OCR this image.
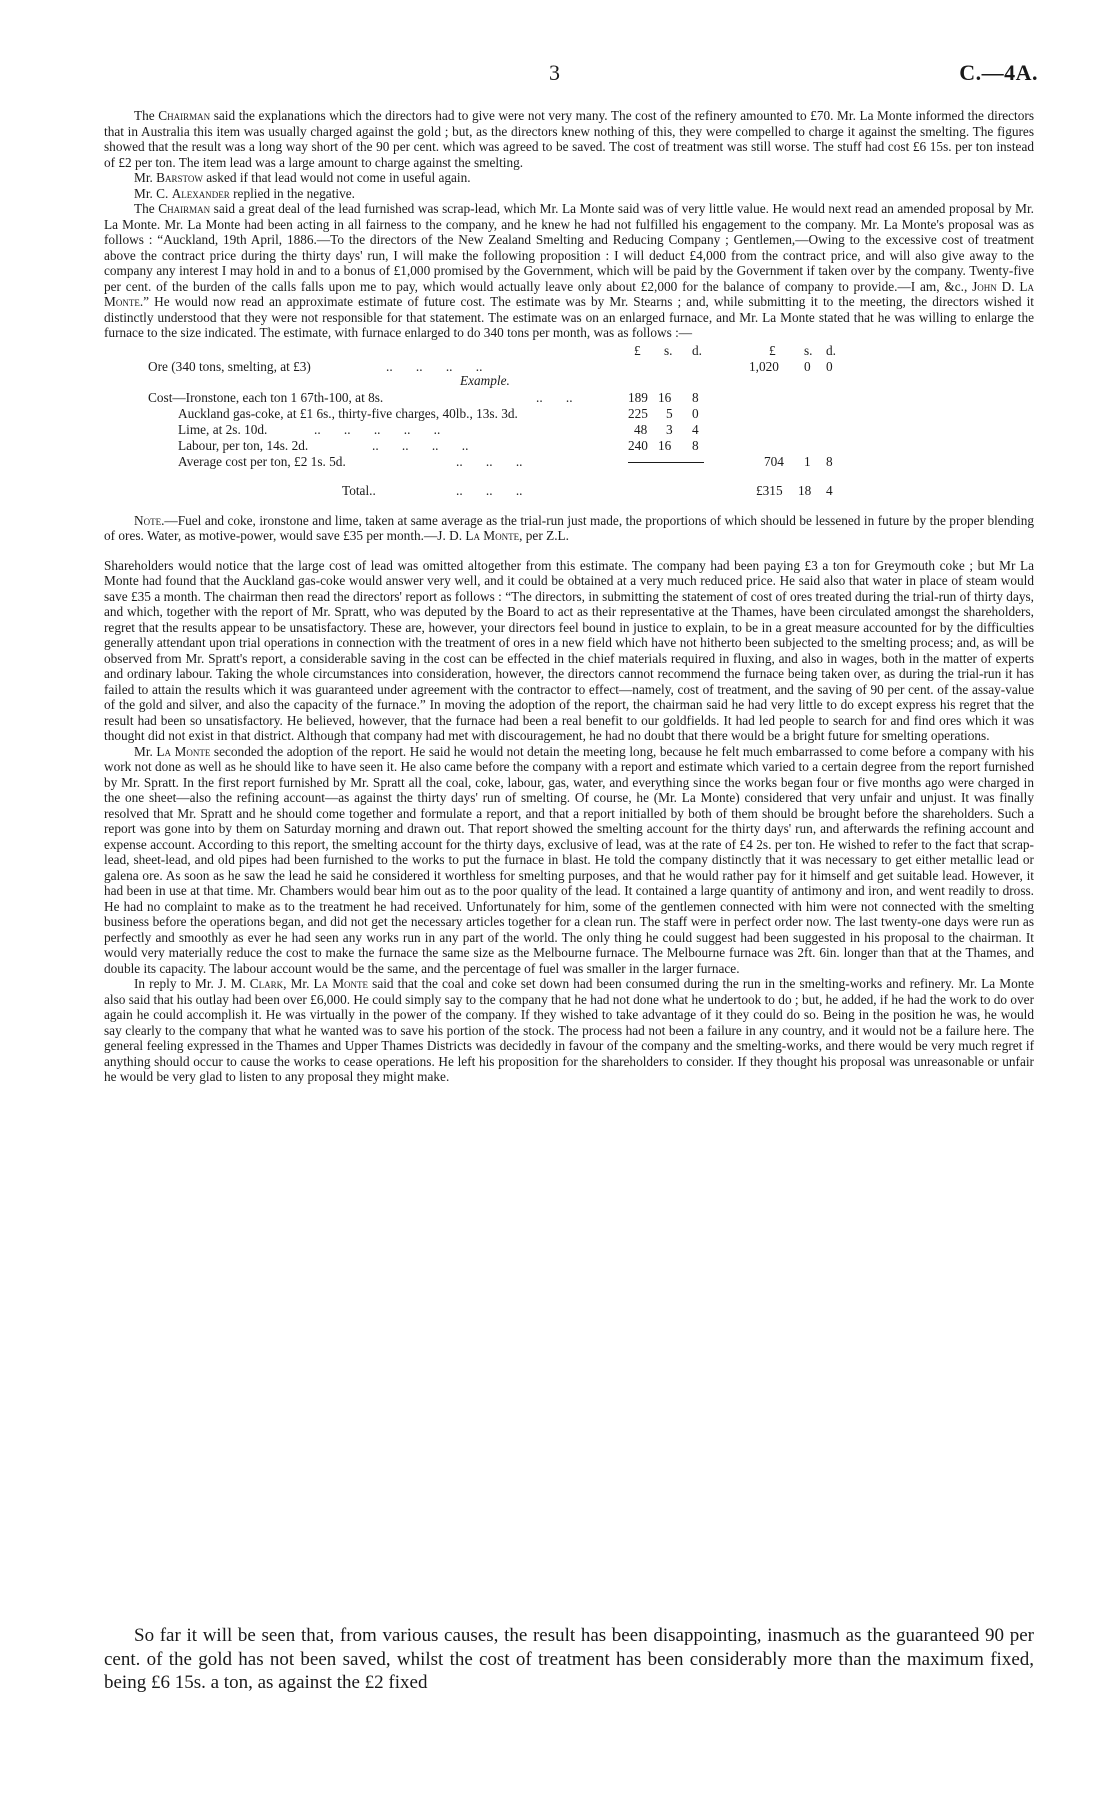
3	C.—4A.

The Chairman said the explanations which the directors had to give were not very many. The cost of the refinery amounted to £70. Mr. La Monte informed the directors that in Australia this item was usually charged against the gold ; but, as the directors knew nothing of this, they were compelled to charge it against the smelting. The figures showed that the result was a long way short of the 90 per cent. which was agreed to be saved. The cost of treatment was still worse. The stuff had cost £6 15s. per ton instead of £2 per ton. The item lead was a large amount to charge against the smelting.

Mr. Barstow asked if that lead would not come in useful again.

Mr. C. Alexander replied in the negative.

The Chairman said a great deal of the lead furnished was scrap-lead, which Mr. La Monte said was of very little value. He would next read an amended proposal by Mr. La Monte. Mr. La Monte had been acting in all fairness to the company, and he knew he had not fulfilled his engagement to the company. Mr. La Monte's proposal was as follows : “Auckland, 19th April, 1886.—To the directors of the New Zealand Smelting and Reducing Company ; Gentlemen,—Owing to the excessive cost of treatment above the contract price during the thirty days' run, I will make the following proposition : I will deduct £4,000 from the contract price, and will also give away to the company any interest I may hold in and to a bonus of £1,000 promised by the Government, which will be paid by the Government if taken over by the company. Twenty-five per cent. of the burden of the calls falls upon me to pay, which would actually leave only about £2,000 for the balance of company to provide.—I am, &c., John D. La Monte.” He would now read an approximate estimate of future cost. The estimate was by Mr. Stearns ; and, while submitting it to the meeting, the directors wished it distinctly understood that they were not responsible for that statement. The estimate was on an enlarged furnace, and Mr. La Monte stated that he was willing to enlarge the furnace to the size indicated. The estimate, with furnace enlarged to do 340 tons per month, was as follows :—

£ s. d.	£ s. d.
Ore (340 tons, smelting, at £3)	..       ..       ..       ..	1,020 0 0
Example.
Cost—Ironstone, each ton 1 67th-100, at 8s.	..       ..	189 16 8
Auckland gas-coke, at £1 6s., thirty-five charges, 40lb., 13s. 3d.	225 5 0
Lime, at 2s. 10d.	..       ..       ..       ..       ..	48 3 4
Labour, per ton, 14s. 2d.	..       ..       ..       ..	240 16 8
Average cost per ton, £2 1s. 5d.	..       ..       ..	704 1 8
Total..	..       ..       ..	£315 18 4

Note.—Fuel and coke, ironstone and lime, taken at same average as the trial-run just made, the proportions of which should be lessened in future by the proper blending of ores. Water, as motive-power, would save £35 per month.—J. D. La Monte, per Z.L.

Shareholders would notice that the large cost of lead was omitted altogether from this estimate. The company had been paying £3 a ton for Greymouth coke ; but Mr La Monte had found that the Auckland gas-coke would answer very well, and it could be obtained at a very much reduced price. He said also that water in place of steam would save £35 a month. The chairman then read the directors' report as follows : “The directors, in submitting the statement of cost of ores treated during the trial-run of thirty days, and which, together with the report of Mr. Spratt, who was deputed by the Board to act as their representative at the Thames, have been circulated amongst the shareholders, regret that the results appear to be unsatisfactory. These are, however, your directors feel bound in justice to explain, to be in a great measure accounted for by the difficulties generally attendant upon trial operations in connection with the treatment of ores in a new field which have not hitherto been subjected to the smelting process; and, as will be observed from Mr. Spratt's report, a considerable saving in the cost can be effected in the chief materials required in fluxing, and also in wages, both in the matter of experts and ordinary labour. Taking the whole circumstances into consideration, however, the directors cannot recommend the furnace being taken over, as during the trial-run it has failed to attain the results which it was guaranteed under agreement with the contractor to effect—namely, cost of treatment, and the saving of 90 per cent. of the assay-value of the gold and silver, and also the capacity of the furnace.” In moving the adoption of the report, the chairman said he had very little to do except express his regret that the result had been so unsatisfactory. He believed, however, that the furnace had been a real benefit to our goldfields. It had led people to search for and find ores which it was thought did not exist in that district. Although that company had met with discouragement, he had no doubt that there would be a bright future for smelting operations.

Mr. La Monte seconded the adoption of the report. He said he would not detain the meeting long, because he felt much embarrassed to come before a company with his work not done as well as he should like to have seen it. He also came before the company with a report and estimate which varied to a certain degree from the report furnished by Mr. Spratt. In the first report furnished by Mr. Spratt all the coal, coke, labour, gas, water, and everything since the works began four or five months ago were charged in the one sheet—also the refining account—as against the thirty days' run of smelting. Of course, he (Mr. La Monte) considered that very unfair and unjust. It was finally resolved that Mr. Spratt and he should come together and formulate a report, and that a report initialled by both of them should be brought before the shareholders. Such a report was gone into by them on Saturday morning and drawn out. That report showed the smelting account for the thirty days' run, and afterwards the refining account and expense account. According to this report, the smelting account for the thirty days, exclusive of lead, was at the rate of £4 2s. per ton. He wished to refer to the fact that scrap-lead, sheet-lead, and old pipes had been furnished to the works to put the furnace in blast. He told the company distinctly that it was necessary to get either metallic lead or galena ore. As soon as he saw the lead he said he considered it worthless for smelting purposes, and that he would rather pay for it himself and get suitable lead. However, it had been in use at that time. Mr. Chambers would bear him out as to the poor quality of the lead. It contained a large quantity of antimony and iron, and went readily to dross. He had no complaint to make as to the treatment he had received. Unfortunately for him, some of the gentlemen connected with him were not connected with the smelting business before the operations began, and did not get the necessary articles together for a clean run. The staff were in perfect order now. The last twenty-one days were run as perfectly and smoothly as ever he had seen any works run in any part of the world. The only thing he could suggest had been suggested in his proposal to the chairman. It would very materially reduce the cost to make the furnace the same size as the Melbourne furnace. The Melbourne furnace was 2ft. 6in. longer than that at the Thames, and double its capacity. The labour account would be the same, and the percentage of fuel was smaller in the larger furnace.

In reply to Mr. J. M. Clark, Mr. La Monte said that the coal and coke set down had been consumed during the run in the smelting-works and refinery. Mr. La Monte also said that his outlay had been over £6,000. He could simply say to the company that he had not done what he undertook to do ; but, he added, if he had the work to do over again he could accomplish it. He was virtually in the power of the company. If they wished to take advantage of it they could do so. Being in the position he was, he would say clearly to the company that what he wanted was to save his portion of the stock. The process had not been a failure in any country, and it would not be a failure here. The general feeling expressed in the Thames and Upper Thames Districts was decidedly in favour of the company and the smelting-works, and there would be very much regret if anything should occur to cause the works to cease operations. He left his proposition for the shareholders to consider. If they thought his proposal was unreasonable or unfair he would be very glad to listen to any proposal they might make.

So far it will be seen that, from various causes, the result has been disappointing, inasmuch as the guaranteed 90 per cent. of the gold has not been saved, whilst the cost of treatment has been considerably more than the maximum fixed, being £6 15s. a ton, as against the £2 fixed
